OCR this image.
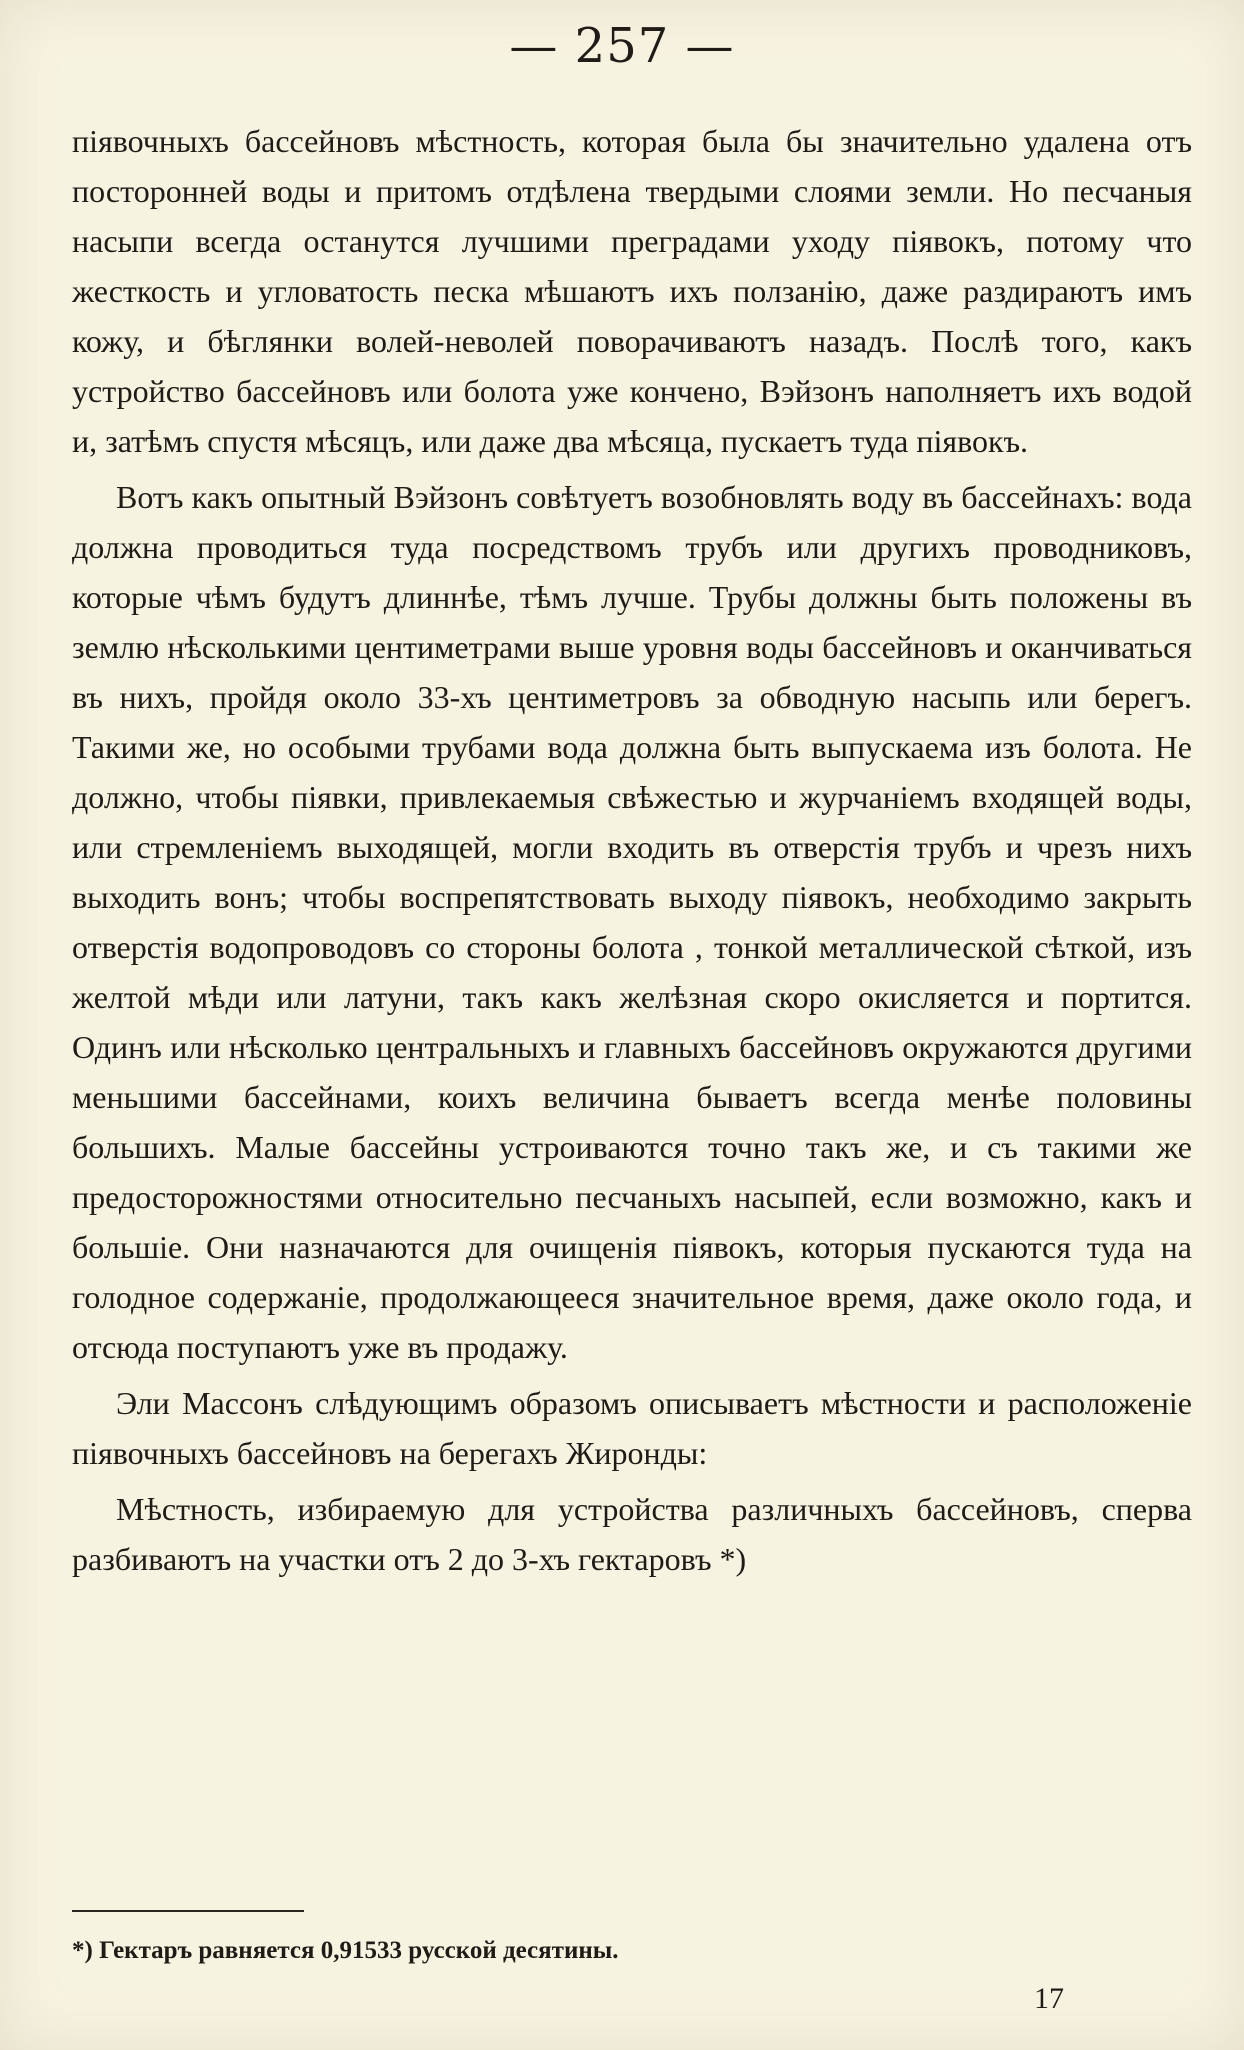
— 257 —

піявочныхъ бассейновъ мѣстность, которая была бы значительно удалена отъ посторонней воды и притомъ отдѣлена твердыми слоями земли. Но песчаныя насыпи всегда останутся лучшими преградами уходу піявокъ, потому что жесткость и угловатость песка мѣшаютъ ихъ ползанію, даже раздираютъ имъ кожу, и бѣглянки волей-неволей поворачиваютъ назадъ. Послѣ того, какъ устройство бассейновъ или болота уже кончено, Вэйзонъ наполняетъ ихъ водой и, затѣмъ спустя мѣсяцъ, или даже два мѣсяца, пускаетъ туда піявокъ.

Вотъ какъ опытный Вэйзонъ совѣтуетъ возобновлять воду въ бассейнахъ: вода должна проводиться туда посредствомъ трубъ или другихъ проводниковъ, которые чѣмъ будутъ длиннѣе, тѣмъ лучше. Трубы должны быть положены въ землю нѣсколькими центиметрами выше уровня воды бассейновъ и оканчиваться въ нихъ, пройдя около 33-хъ центиметровъ за обводную насыпь или берегъ. Такими же, но особыми трубами вода должна быть выпускаема изъ болота. Не должно, чтобы піявки, привлекаемыя свѣжестью и журчаніемъ входящей воды, или стремленіемъ выходящей, могли входить въ отверстія трубъ и чрезъ нихъ выходить вонъ; чтобы воспрепятствовать выходу піявокъ, необходимо закрыть отверстія водопроводовъ со стороны болота , тонкой металлической сѣткой, изъ желтой мѣди или латуни, такъ какъ желѣзная скоро окисляется и портится. Одинъ или нѣсколько центральныхъ и главныхъ бассейновъ окружаются другими меньшими бассейнами, коихъ величина бываетъ всегда менѣе половины большихъ. Малые бассейны устроиваются точно такъ же, и съ такими же предосторожностями относительно песчаныхъ насыпей, если возможно, какъ и большіе. Они назначаются для очищенія піявокъ, которыя пускаются туда на голодное содержаніе, продолжающееся значительное время, даже около года, и отсюда поступаютъ уже въ продажу.

Эли Массонъ слѣдующимъ образомъ описываетъ мѣстности и расположеніе піявочныхъ бассейновъ на берегахъ Жиронды:

Мѣстность, избираемую для устройства различныхъ бассейновъ, сперва разбиваютъ на участки отъ 2 до 3-хъ гектаровъ *)

*) Гектаръ равняется 0,91533 русской десятины.
17
